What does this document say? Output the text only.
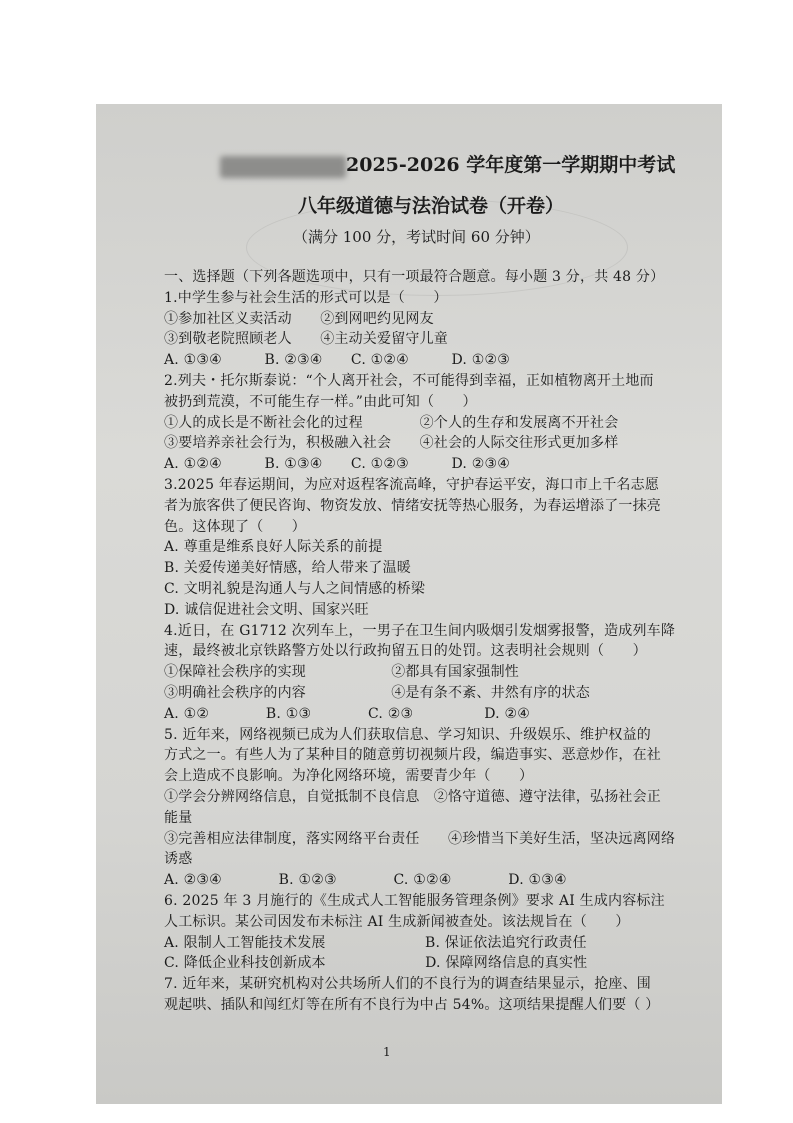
2025-2026 学年度第一学期期中考试
八年级道德与法治试卷（开卷）
（满分 100 分，考试时间 60 分钟）
一、选择题（下列各题选项中，只有一项最符合题意。每小题 3 分，共 48 分）
1.中学生参与社会生活的形式可以是（　　）
①参加社区义卖活动　　②到网吧约见网友
③到敬老院照顾老人　　④主动关爱留守儿童
A. ①③④　　　B. ②③④　　C. ①②④　　　D. ①②③
2.列夫・托尔斯泰说：“个人离开社会，不可能得到幸福，正如植物离开土地而
被扔到荒漠，不可能生存一样。”由此可知（　　）
①人的成长是不断社会化的过程　　　　②个人的生存和发展离不开社会
③要培养亲社会行为，积极融入社会　　④社会的人际交往形式更加多样
A. ①②④　　　B. ①③④　　C. ①②③　　　D. ②③④
3.2025 年春运期间，为应对返程客流高峰，守护春运平安，海口市上千名志愿
者为旅客供了便民咨询、物资发放、情绪安抚等热心服务，为春运增添了一抹亮
色。这体现了（　　）
A. 尊重是维系良好人际关系的前提
B. 关爱传递美好情感，给人带来了温暖
C. 文明礼貌是沟通人与人之间情感的桥梁
D. 诚信促进社会文明、国家兴旺
4.近日，在 G1712 次列车上，一男子在卫生间内吸烟引发烟雾报警，造成列车降
速，最终被北京铁路警方处以行政拘留五日的处罚。这表明社会规则（　　）
①保障社会秩序的实现　　　　　　②都具有国家强制性
③明确社会秩序的内容　　　　　　④是有条不紊、井然有序的状态
A. ①②　　　　B. ①③　　　　C. ②③　　　　　D. ②④
5. 近年来，网络视频已成为人们获取信息、学习知识、升级娱乐、维护权益的
方式之一。有些人为了某种目的随意剪切视频片段，编造事实、恶意炒作，在社
会上造成不良影响。为净化网络环境，需要青少年（　　）
①学会分辨网络信息，自觉抵制不良信息　②恪守道德、遵守法律，弘扬社会正
能量
③完善相应法律制度，落实网络平台责任　　④珍惜当下美好生活，坚决远离网络
诱惑
A. ②③④　　　　B. ①②③　　　　C. ①②④　　　　D. ①③④
6. 2025 年 3 月施行的《生成式人工智能服务管理条例》要求 AI 生成内容标注
人工标识。某公司因发布未标注 AI 生成新闻被查处。该法规旨在（　　）
A. 限制人工智能技术发展　　　　　　　B. 保证依法追究行政责任
C. 降低企业科技创新成本　　　　　　　D. 保障网络信息的真实性
7. 近年来，某研究机构对公共场所人们的不良行为的调查结果显示，抢座、围
观起哄、插队和闯红灯等在所有不良行为中占 54%。这项结果提醒人们要（ ）
1
